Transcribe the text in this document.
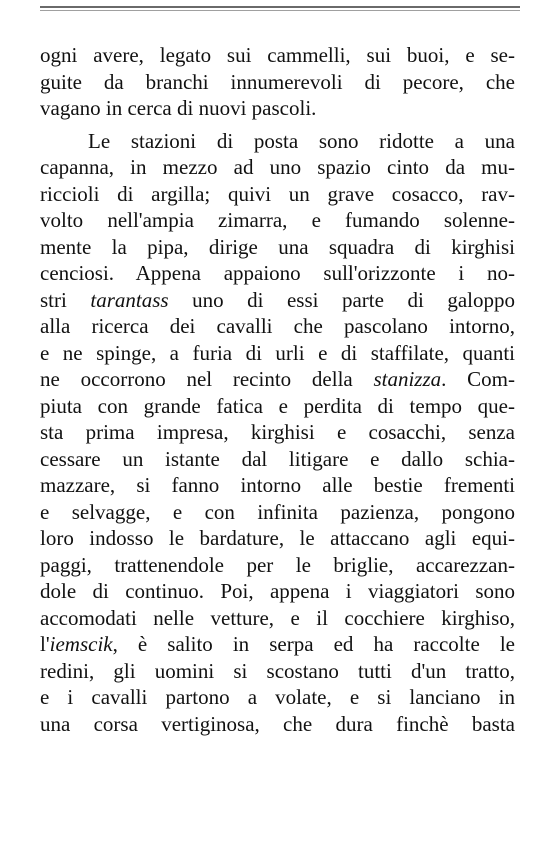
ogni avere, legato sui cammelli, sui buoi, e se-
guite da branchi innumerevoli di pecore, che
vagano in cerca di nuovi pascoli.
Le stazioni di posta sono ridotte a una
capanna, in mezzo ad uno spazio cinto da mu-
riccioli di argilla; quivi un grave cosacco, rav-
volto nell'ampia zimarra, e fumando solenne-
mente la pipa, dirige una squadra di kirghisi
cenciosi. Appena appaiono sull'orizzonte i no-
stri tarantass uno di essi parte di galoppo
alla ricerca dei cavalli che pascolano intorno,
e ne spinge, a furia di urli e di staffilate, quanti
ne occorrono nel recinto della stanizza. Com-
piuta con grande fatica e perdita di tempo que-
sta prima impresa, kirghisi e cosacchi, senza
cessare un istante dal litigare e dallo schia-
mazzare, si fanno intorno alle bestie frementi
e selvagge, e con infinita pazienza, pongono
loro indosso le bardature, le attaccano agli equi-
paggi, trattenendole per le briglie, accarezzan-
dole di continuo. Poi, appena i viaggiatori sono
accomodati nelle vetture, e il cocchiere kirghiso,
l'iemscik, è salito in serpa ed ha raccolte le
redini, gli uomini si scostano tutti d'un tratto,
e i cavalli partono a volate, e si lanciano in
una corsa vertiginosa, che dura finchè basta
